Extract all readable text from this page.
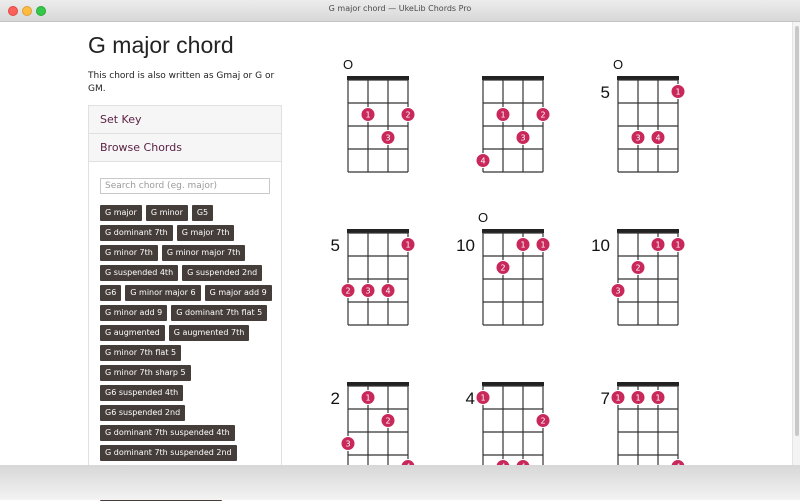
G major chord — UkeLib Chords Pro
G major chord

This chord is also written as Gmaj or G or GM.

Set Key
Browse Chords
Search chord (eg. major)
G major	G minor	G5
G dominant 7th	G major 7th
G minor 7th	G minor major 7th
G suspended 4th	G suspended 2nd
G6	G minor major 6	G major add 9
G minor add 9	G dominant 7th flat 5
G augmented	G augmented 7th
G minor 7th flat 5
G minor 7th sharp 5
G6 suspended 4th
G6 suspended 2nd
G dominant 7th suspended 4th
G dominant 7th suspended 2nd
1	2
3
O
1	2
3
4
1
3 4
5
O
1
2 3 4
5	1 1
2
10
O
1 1
2
3
10
1
2
3
2	1
2
4	1 1 1
7
